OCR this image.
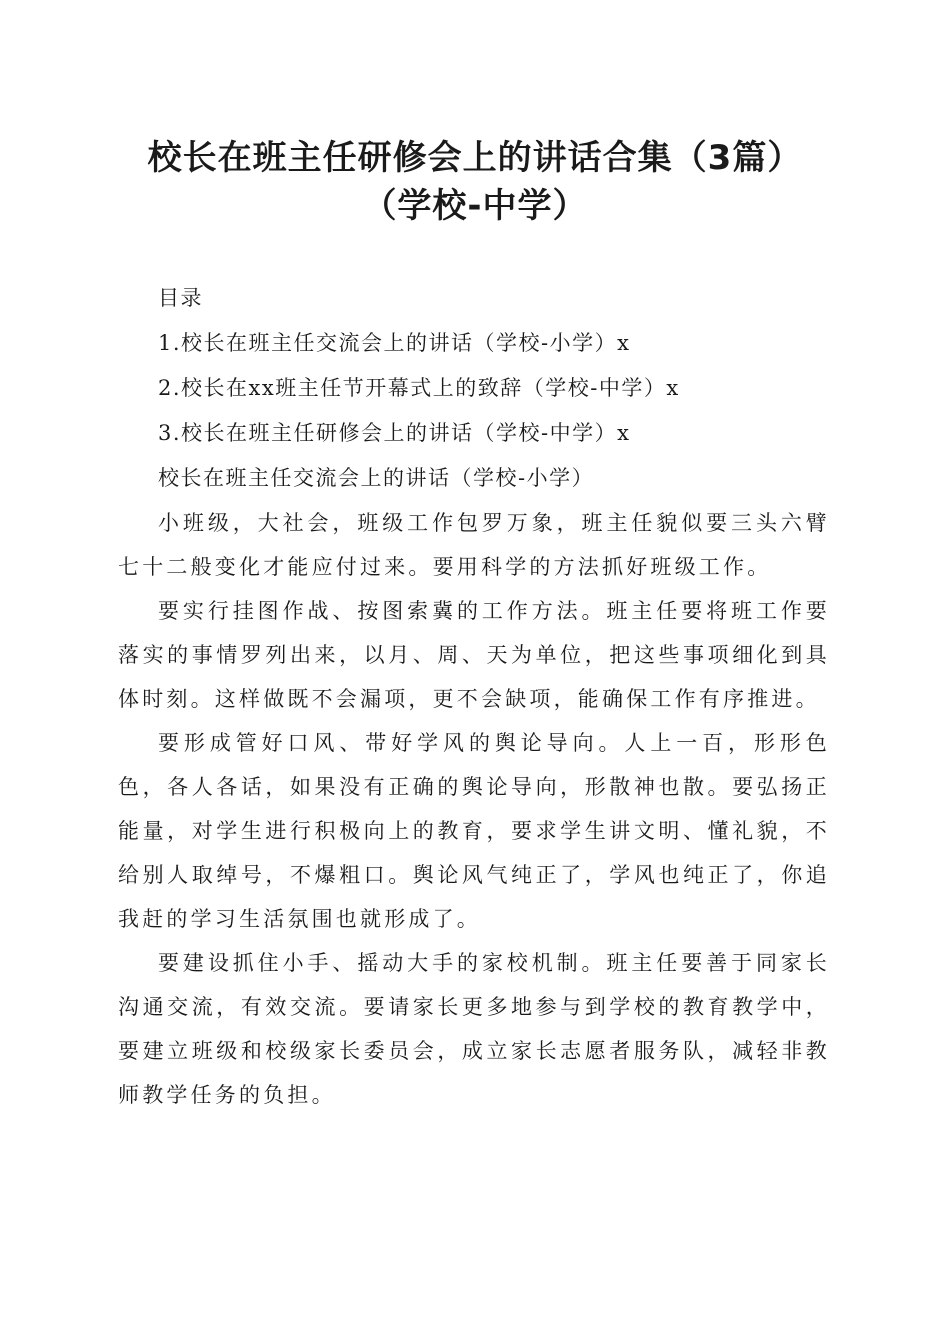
校长在班主任研修会上的讲话合集（3篇）
（学校-中学）
目录
1.校长在班主任交流会上的讲话（学校-小学）x
2.校长在xx班主任节开幕式上的致辞（学校-中学）x
3.校长在班主任研修会上的讲话（学校-中学）x
校长在班主任交流会上的讲话（学校-小学）

小班级，大社会，班级工作包罗万象，班主任貌似要三头六臂七十二般变化才能应付过来。要用科学的方法抓好班级工作。

要实行挂图作战、按图索冀的工作方法。班主任要将班工作要落实的事情罗列出来，以月、周、天为单位，把这些事项细化到具体时刻。这样做既不会漏项，更不会缺项，能确保工作有序推进。

要形成管好口风、带好学风的舆论导向。人上一百，形形色色，各人各话，如果没有正确的舆论导向，形散神也散。要弘扬正能量，对学生进行积极向上的教育，要求学生讲文明、懂礼貌，不给别人取绰号，不爆粗口。舆论风气纯正了，学风也纯正了，你追我赶的学习生活氛围也就形成了。

要建设抓住小手、摇动大手的家校机制。班主任要善于同家长沟通交流，有效交流。要请家长更多地参与到学校的教育教学中，要建立班级和校级家长委员会，成立家长志愿者服务队，减轻非教师教学任务的负担。
